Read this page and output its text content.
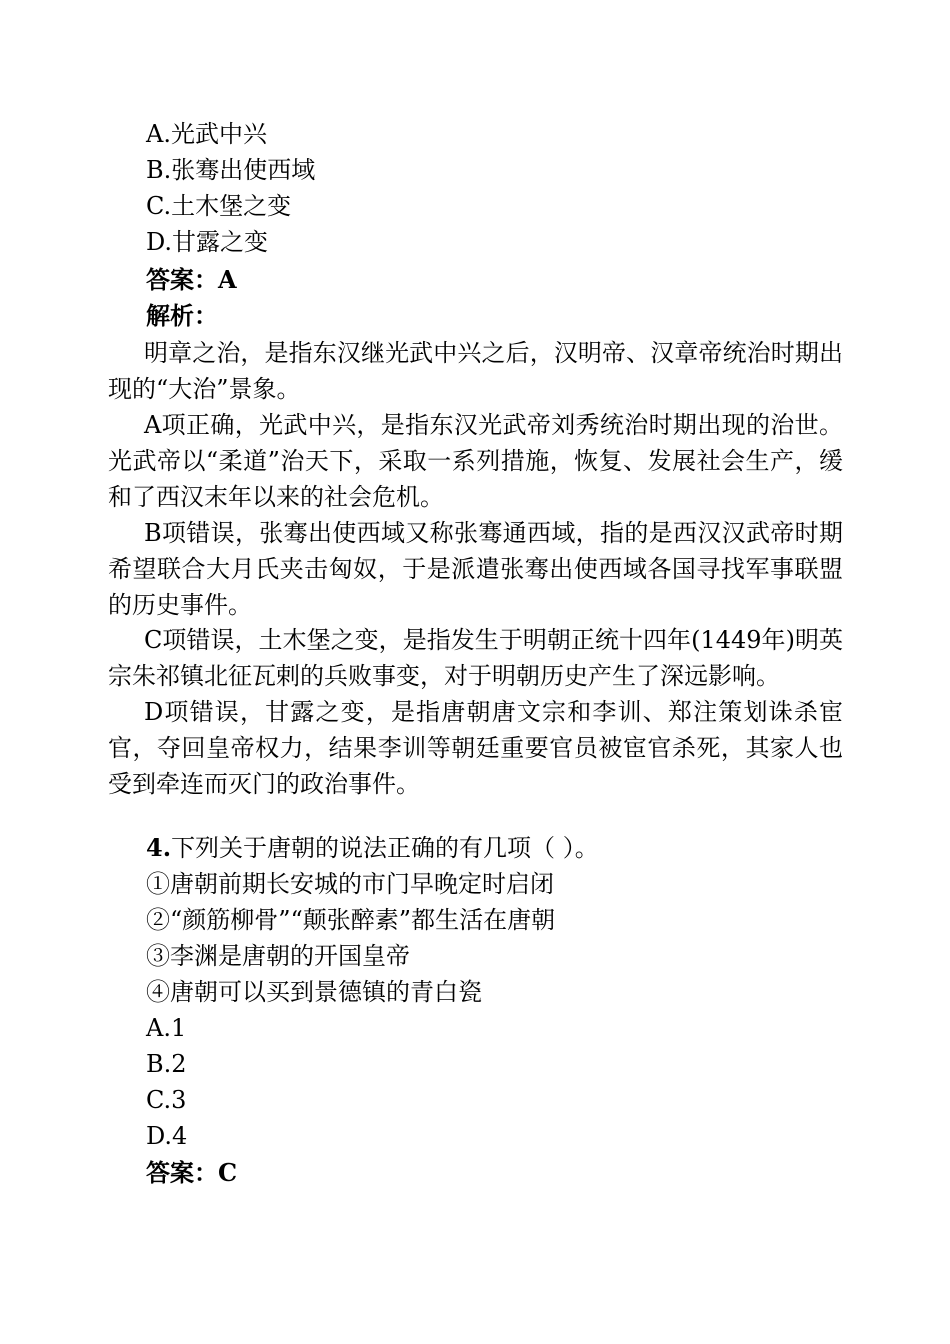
A.光武中兴
B.张骞出使西域
C.土木堡之变
D.甘露之变
答案：A
解析：
明章之治，是指东汉继光武中兴之后，汉明帝、汉章帝统治时期出现的“大治”景象。
A项正确，光武中兴，是指东汉光武帝刘秀统治时期出现的治世。光武帝以“柔道”治天下，采取一系列措施，恢复、发展社会生产，缓和了西汉末年以来的社会危机。
B项错误，张骞出使西域又称张骞通西域，指的是西汉汉武帝时期希望联合大月氏夹击匈奴，于是派遣张骞出使西域各国寻找军事联盟的历史事件。
C项错误，土木堡之变，是指发生于明朝正统十四年(1449年)明英宗朱祁镇北征瓦剌的兵败事变，对于明朝历史产生了深远影响。
D项错误，甘露之变，是指唐朝唐文宗和李训、郑注策划诛杀宦官，夺回皇帝权力，结果李训等朝廷重要官员被宦官杀死，其家人也受到牵连而灭门的政治事件。
4.下列关于唐朝的说法正确的有几项（ ）。
①唐朝前期长安城的市门早晚定时启闭
②“颜筋柳骨”“颠张醉素”都生活在唐朝
③李渊是唐朝的开国皇帝
④唐朝可以买到景德镇的青白瓷
A.1
B.2
C.3
D.4
答案：C
